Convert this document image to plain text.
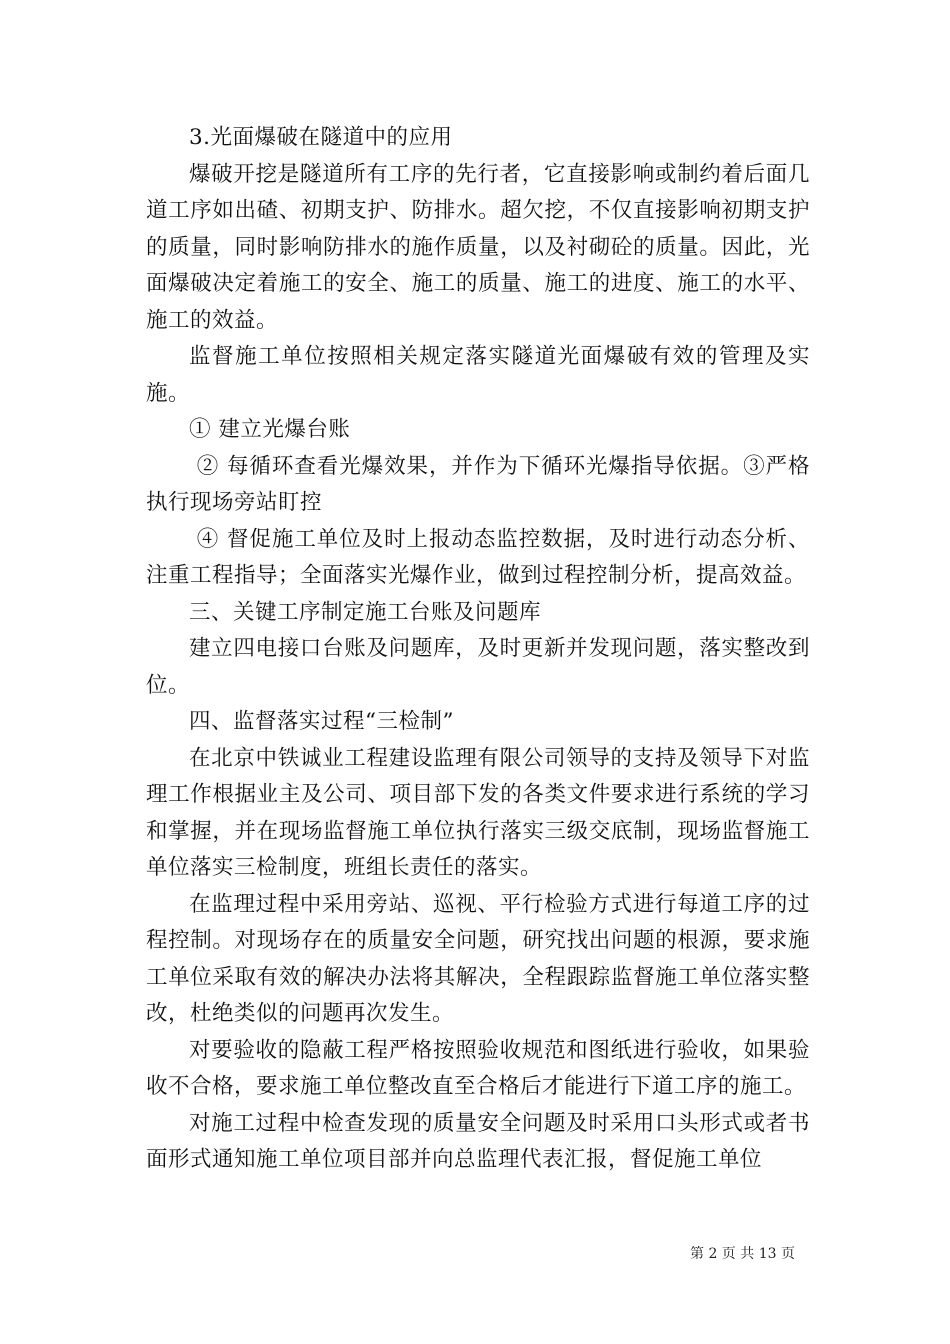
3.光面爆破在隧道中的应用

爆破开挖是隧道所有工序的先行者，它直接影响或制约着后面几道工序如出碴、初期支护、防排水。超欠挖，不仅直接影响初期支护的质量，同时影响防排水的施作质量，以及衬砌砼的质量。因此，光面爆破决定着施工的安全、施工的质量、施工的进度、施工的水平、施工的效益。

监督施工单位按照相关规定落实隧道光面爆破有效的管理及实施。

① 建立光爆台账

② 每循环查看光爆效果，并作为下循环光爆指导依据。③严格执行现场旁站盯控

④ 督促施工单位及时上报动态监控数据，及时进行动态分析、注重工程指导；全面落实光爆作业，做到过程控制分析，提高效益。

三、关键工序制定施工台账及问题库

建立四电接口台账及问题库，及时更新并发现问题，落实整改到位。

四、监督落实过程“三检制”

在北京中铁诚业工程建设监理有限公司领导的支持及领导下对监理工作根据业主及公司、项目部下发的各类文件要求进行系统的学习和掌握，并在现场监督施工单位执行落实三级交底制，现场监督施工单位落实三检制度，班组长责任的落实。

在监理过程中采用旁站、巡视、平行检验方式进行每道工序的过程控制。对现场存在的质量安全问题，研究找出问题的根源，要求施工单位采取有效的解决办法将其解决，全程跟踪监督施工单位落实整改，杜绝类似的问题再次发生。

对要验收的隐蔽工程严格按照验收规范和图纸进行验收，如果验收不合格，要求施工单位整改直至合格后才能进行下道工序的施工。

对施工过程中检查发现的质量安全问题及时采用口头形式或者书面形式通知施工单位项目部并向总监理代表汇报，督促施工单位

第 2 页 共 13 页
